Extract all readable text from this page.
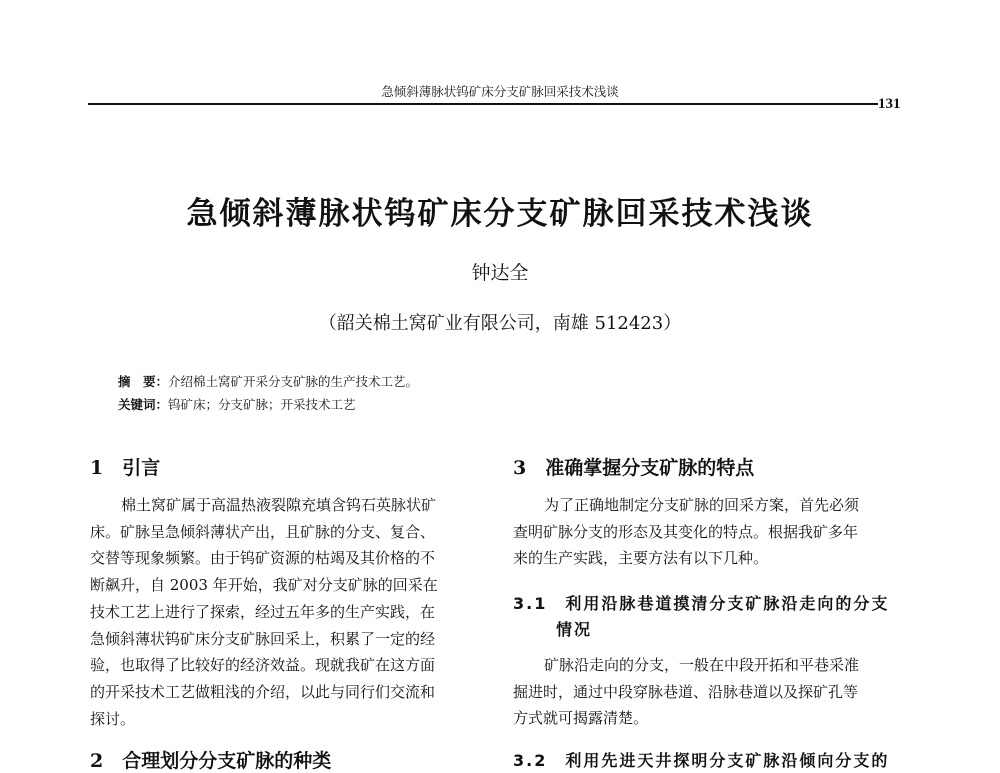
急倾斜薄脉状钨矿床分支矿脉回采技术浅谈
131
急倾斜薄脉状钨矿床分支矿脉回采技术浅谈
钟达全
（韶关棉土窝矿业有限公司，南雄 512423）
摘　要：介绍棉土窝矿开采分支矿脉的生产技术工艺。
关键词：钨矿床；分支矿脉；开采技术工艺
1　引言
棉土窝矿属于高温热液裂隙充填含钨石英脉状矿
床。矿脉呈急倾斜薄状产出，且矿脉的分支、复合、
交替等现象频繁。由于钨矿资源的枯竭及其价格的不
断飙升，自 2003 年开始，我矿对分支矿脉的回采在
技术工艺上进行了探索，经过五年多的生产实践，在
急倾斜薄状钨矿床分支矿脉回采上，积累了一定的经
验，也取得了比较好的经济效益。现就我矿在这方面
的开采技术工艺做粗浅的介绍，以此与同行们交流和
探讨。
2　合理划分分支矿脉的种类
3　准确掌握分支矿脉的特点
为了正确地制定分支矿脉的回采方案，首先必须
查明矿脉分支的形态及其变化的特点。根据我矿多年
来的生产实践，主要方法有以下几种。
3.1　利用沿脉巷道摸清分支矿脉沿走向的分支
情况
矿脉沿走向的分支，一般在中段开拓和平巷采准
掘进时，通过中段穿脉巷道、沿脉巷道以及探矿孔等
方式就可揭露清楚。
3.2　利用先进天井探明分支矿脉沿倾向分支的
